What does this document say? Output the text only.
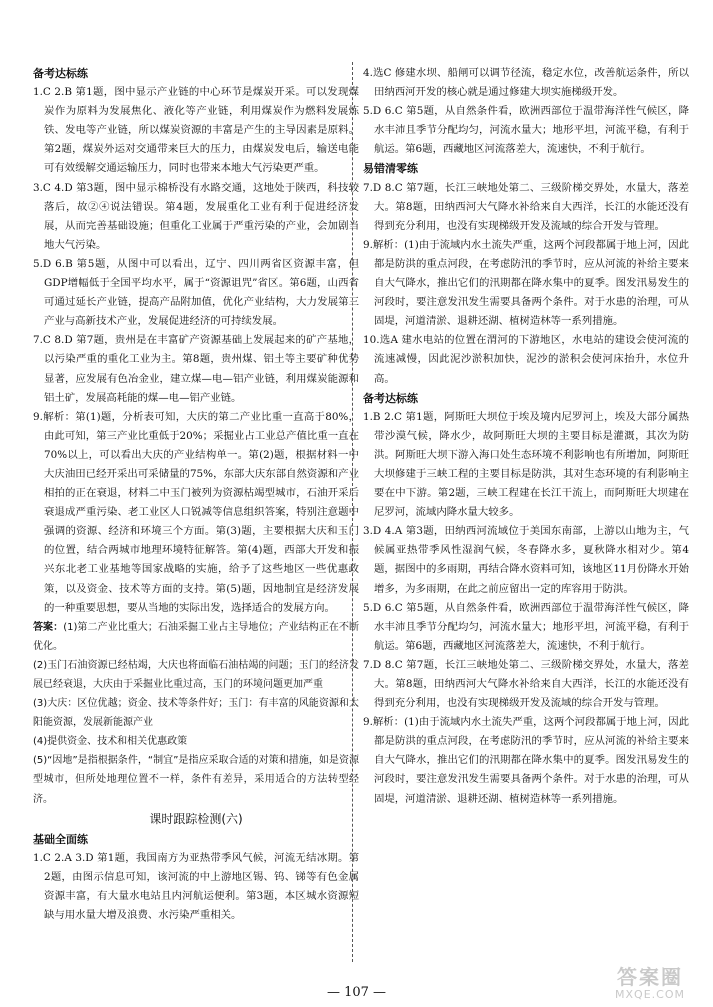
备考达标练

1.C 2.B 第1题，图中显示产业链的中心环节是煤炭开采。可以发现煤炭作为原料为发展焦化、液化等产业链，利用煤炭作为燃料发展炼铁、发电等产业链，所以煤炭资源的丰富是产生的主导因素是原料。第2题，煤炭外运对交通带来巨大的压力，由煤炭发电后，输送电能可有效缓解交通运输压力，同时也带来本地大气污染更严重。

3.C 4.D 第3题，图中显示棉桥没有水路交通，这地处于陕西，科技较落后，故②④说法错误。第4题，发展重化工业有利于促进经济发展，从而完善基础设施；但重化工业属于严重污染的产业，会加剧当地大气污染。

5.D 6.B 第5题，从图中可以看出，辽宁、四川两省区资源丰富，但GDP增幅低于全国平均水平，属于“资源诅咒”省区。第6题，山西省可通过延长产业链，提高产品附加值，优化产业结构，大力发展第三产业与高新技术产业，发展促进经济的可持续发展。

7.C 8.D 第7题，贵州是在丰富矿产资源基础上发展起来的矿产基地，以污染严重的重化工业为主。第8题，贵州煤、铝土等主要矿种优势显著，应发展有色冶金业，建立煤—电—铝产业链，利用煤炭能源和铝土矿，发展高耗能的煤—电—铝产业链。

9.解析：第(1)题，分析表可知，大庆的第二产业比重一直高于80%，由此可知，第三产业比重低于20%；采掘业占工业总产值比重一直在70%以上，可以看出大庆的产业结构单一。第(2)题，根据材料一中大庆油田已经开采出可采储量的75%，东部大庆东部自然资源和产业相拍的正在衰退，材料二中玉门被列为资源枯竭型城市，石油开采后衰退成严重污染、老工业区人口锐减等信息组织答案，特别注意题中强调的资源、经济和环境三个方面。第(3)题，主要根据大庆和玉门的位置，结合两城市地理环境特征解答。第(4)题，西部大开发和振兴东北老工业基地等国家战略的实施，给予了这些地区一些优惠政策，以及资金、技术等方面的支持。第(5)题，因地制宜是经济发展的一种重要思想，要从当地的实际出发，选择适合的发展方向。

答案：(1)第二产业比重大；石油采掘工业占主导地位；产业结构正在不断优化。

(2)玉门石油资源已经枯竭，大庆也将面临石油枯竭的问题；玉门的经济发展已经衰退，大庆由于采掘业比重过高，玉门的环境问题更加严重

(3)大庆：区位优越；资金、技术等条件好；玉门：有丰富的风能资源和太阳能资源，发展新能源产业

(4)提供资金、技术和相关优惠政策

(5)“因地”是指根据条件，“制宜”是指应采取合适的对策和措施，如是资源型城市，但所处地理位置不一样，条件有差异，采用适合的方法转型经济。

课时跟踪检测(六)

基础全面练

1.C 2.A 3.D 第1题，我国南方为亚热带季风气候，河流无结冰期。第2题，由图示信息可知，该河流的中上游地区锡、钨、锑等有色金属资源丰富，有大量水电站且内河航运便利。第3题，本区城水资源短缺与用水量大增及浪费、水污染严重相关。

4.选C 修建水坝、船闸可以调节径流，稳定水位，改善航运条件，所以田纳西河开发的核心就是通过修建大坝实施梯级开发。

5.D 6.C 第5题，从自然条件看，欧洲西部位于温带海洋性气候区，降水丰沛且季节分配均匀，河流水量大；地形平坦，河流平稳，有利于航运。第6题，西藏地区河流落差大，流速快，不利于航行。

易错清零练

7.D 8.C 第7题，长江三峡地处第二、三级阶梯交界处，水量大，落差大。第8题，田纳西河大气降水补给来自大西洋，长江的水能还没有得到充分利用，也没有实现梯级开发及流域的综合开发与管理。

9.解析：(1)由于流域内水土流失严重，这两个河段都属于地上河，因此都是防洪的重点河段，在考虑防汛的季节时，应从河流的补给主要来自大气降水，推出它们的汛期都在降水集中的夏季。图发汛易发生的河段时，要注意发汛发生需要具备两个条件。对于水患的治理，可从固堤，河道清淤、退耕还湖、植树造林等一系列措施。

10.选A 建水电站的位置在渭河的下游地区，水电站的建设会使河流的流速减慢，因此泥沙淤积加快，泥沙的淤积会使河床抬升，水位升高。

备考达标练

1.B 2.C 第1题，阿斯旺大坝位于埃及境内尼罗河上，埃及大部分属热带沙漠气候，降水少，故阿斯旺大坝的主要目标是灌溉，其次为防洪。阿斯旺大坝下游入海口处生态环境不利影响也有所增加，阿斯旺大坝修建于三峡工程的主要目标是防洪，其对生态环境的有利影响主要在中下游。第2题，三峡工程建在长江干流上，而阿斯旺大坝建在尼罗河，流域内降水量大较多。

3.D 4.A 第3题，田纳西河流域位于美国东南部，上游以山地为主，气候属亚热带季风性湿润气候，冬春降水多，夏秋降水相对少。第4题，据图中的多雨期，再结合降水资料可知，该地区11月份降水开始增多，为多雨期，在此之前应留出一定的库容用于防洪。

5.D 6.C 第5题，从自然条件看，欧洲西部位于温带海洋性气候区，降水丰沛且季节分配均匀，河流水量大；地形平坦，河流平稳，有利于航运。第6题，西藏地区河流落差大，流速快，不利于航行。

7.D 8.C 第7题，长江三峡地处第二、三级阶梯交界处，水量大，落差大。第8题，田纳西河大气降水补给来自大西洋，长江的水能还没有得到充分利用，也没有实现梯级开发及流域的综合开发与管理。

9.解析：(1)由于流域内水土流失严重，这两个河段都属于地上河，因此都是防洪的重点河段，在考虑防汛的季节时，应从河流的补给主要来自大气降水，推出它们的汛期都在降水集中的夏季。图发汛易发生的河段时，要注意发汛发生需要具备两个条件。对于水患的治理，可从固堤，河道清淤、退耕还湖、植树造林等一系列措施。

— 107 —
答案圈
MXQE.COM
